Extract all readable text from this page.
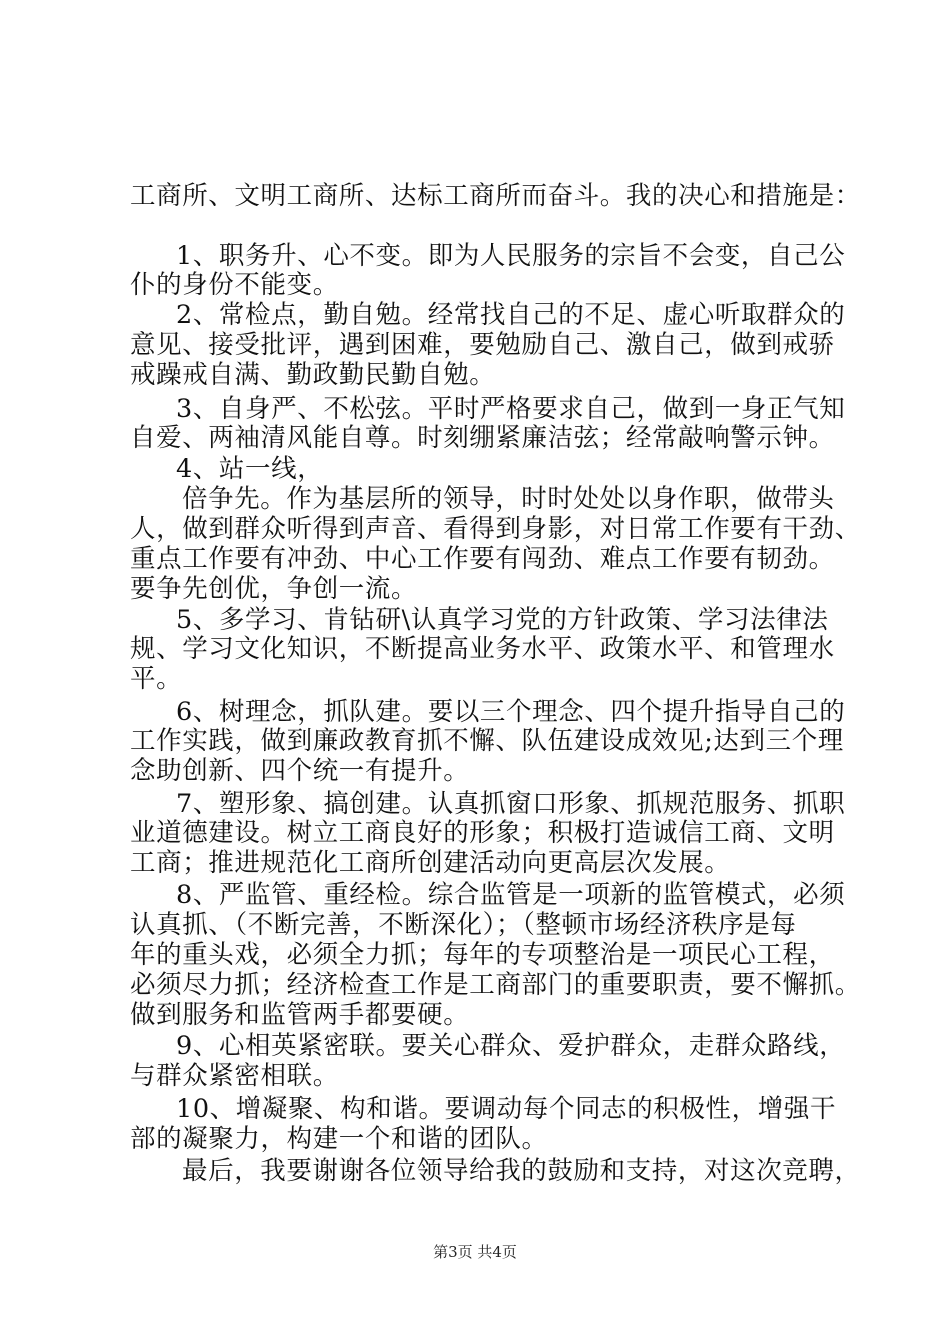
工商所、文明工商所、达标工商所而奋斗。我的决心和措施是：
1、职务升、心不变。即为人民服务的宗旨不会变，自己公
仆的身份不能变。
2、常检点，勤自勉。经常找自己的不足、虚心听取群众的
意见、接受批评，遇到困难，要勉励自己、激自己，做到戒骄
戒躁戒自满、勤政勤民勤自勉。
3、自身严、不松弦。平时严格要求自己，做到一身正气知
自爱、两袖清风能自尊。时刻绷紧廉洁弦；经常敲响警示钟。
4、站一线，
倍争先。作为基层所的领导，时时处处以身作职，做带头
人，做到群众听得到声音、看得到身影，对日常工作要有干劲、
重点工作要有冲劲、中心工作要有闯劲、难点工作要有韧劲。
要争先创优，争创一流。
5、多学习、肯钻研\认真学习党的方针政策、学习法律法
规、学习文化知识，不断提高业务水平、政策水平、和管理水
平。
6、树理念，抓队建。要以三个理念、四个提升指导自己的
工作实践，做到廉政教育抓不懈、队伍建设成效见;达到三个理
念助创新、四个统一有提升。
7、塑形象、搞创建。认真抓窗口形象、抓规范服务、抓职
业道德建设。树立工商良好的形象；积极打造诚信工商、文明
工商；推进规范化工商所创建活动向更高层次发展。
8、严监管、重经检。综合监管是一项新的监管模式，必须
认真抓、（不断完善，不断深化）；（整顿市场经济秩序是每
年的重头戏，必须全力抓；每年的专项整治是一项民心工程，
必须尽力抓；经济检查工作是工商部门的重要职责，要不懈抓。
做到服务和监管两手都要硬。
9、心相英紧密联。要关心群众、爱护群众，走群众路线，
与群众紧密相联。
10、增凝聚、构和谐。要调动每个同志的积极性，增强干
部的凝聚力，构建一个和谐的团队。
最后，我要谢谢各位领导给我的鼓励和支持，对这次竞聘，
第3页 共4页
